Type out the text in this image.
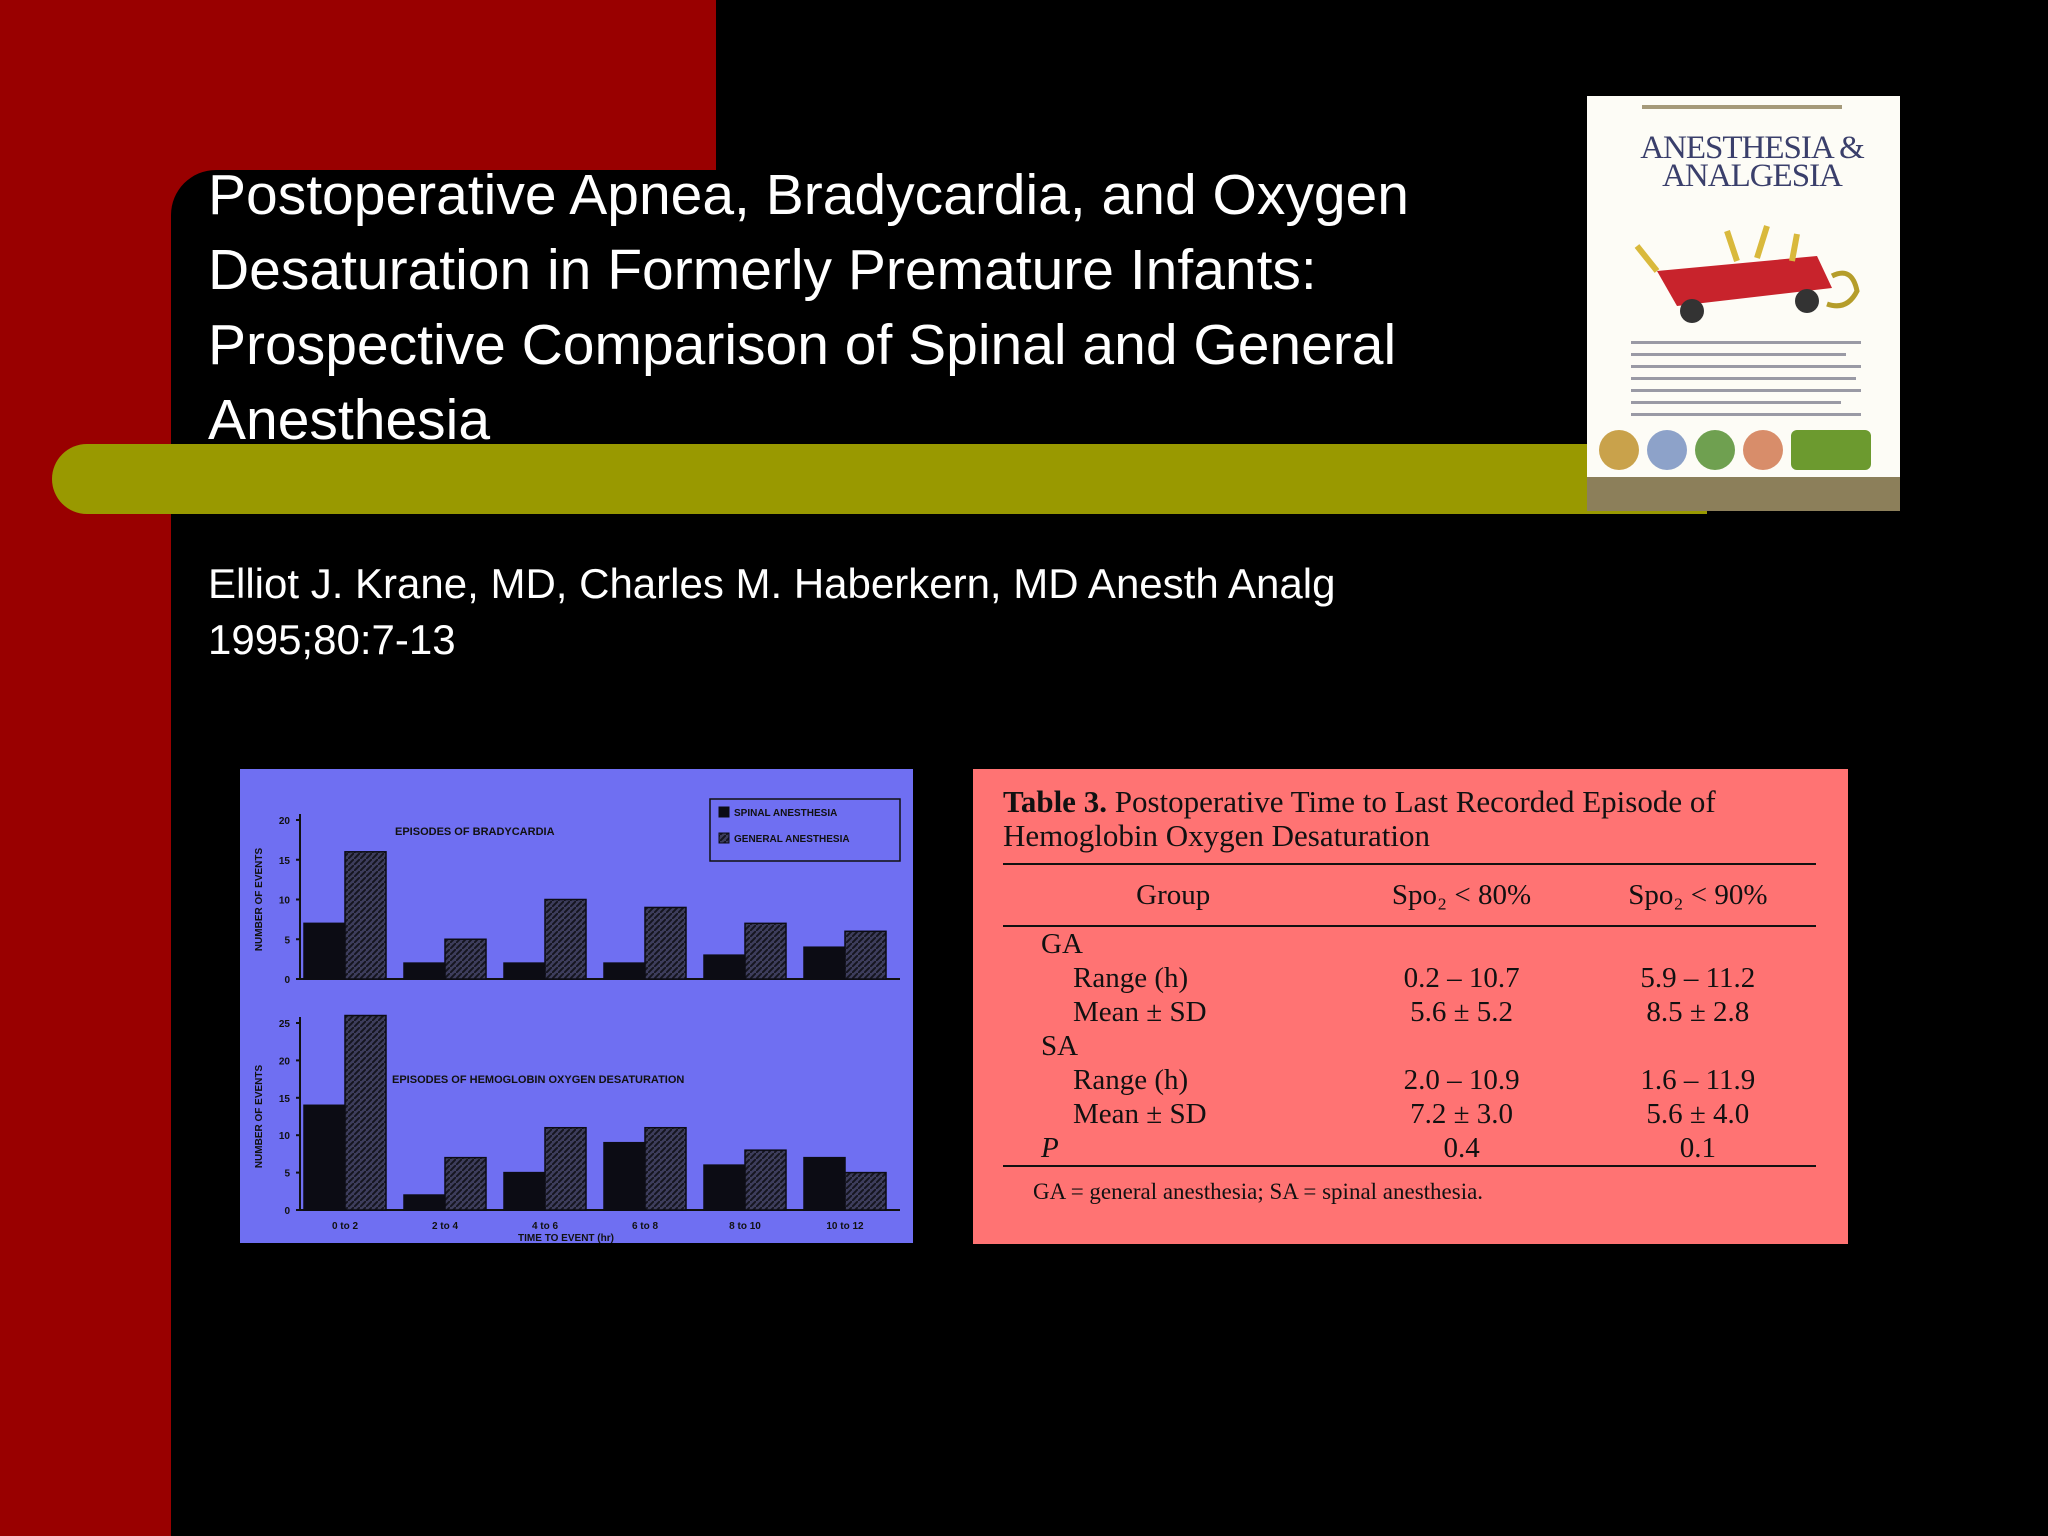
Postoperative Apnea, Bradycardia, and Oxygen Desaturation in Formerly Premature Infants: Prospective Comparison of Spinal and General Anesthesia

Elliot J. Krane, MD, Charles M. Haberkern, MD Anesth Analg 1995;80:7-13

ANESTHESIA & ANALGESIA
0
5
10
15
20
NUMBER OF EVENTS
EPISODES OF BRADYCARDIA
SPINAL ANESTHESIA
GENERAL ANESTHESIA
0
5
10
15
20
25
NUMBER OF EVENTS	EPISODES OF HEMOGLOBIN OXYGEN DESATURATION
0 to 2	2 to 4	4 to 6	6 to 8	8 to 10	10 to 12
TIME TO EVENT (hr)

Table 3. Postoperative Time to Last Recorded Episode of Hemoglobin Oxygen Desaturation

Group	Spo₂ < 80%	Spo₂ < 90%
GA		
Range (h)	0.2 – 10.7	5.9 – 11.2
Mean ± SD	5.6 ± 5.2	8.5 ± 2.8
SA		
Range (h)	2.0 – 10.9	1.6 – 11.9
Mean ± SD	7.2 ± 3.0	5.6 ± 4.0
P	0.4	0.1

GA = general anesthesia; SA = spinal anesthesia.
